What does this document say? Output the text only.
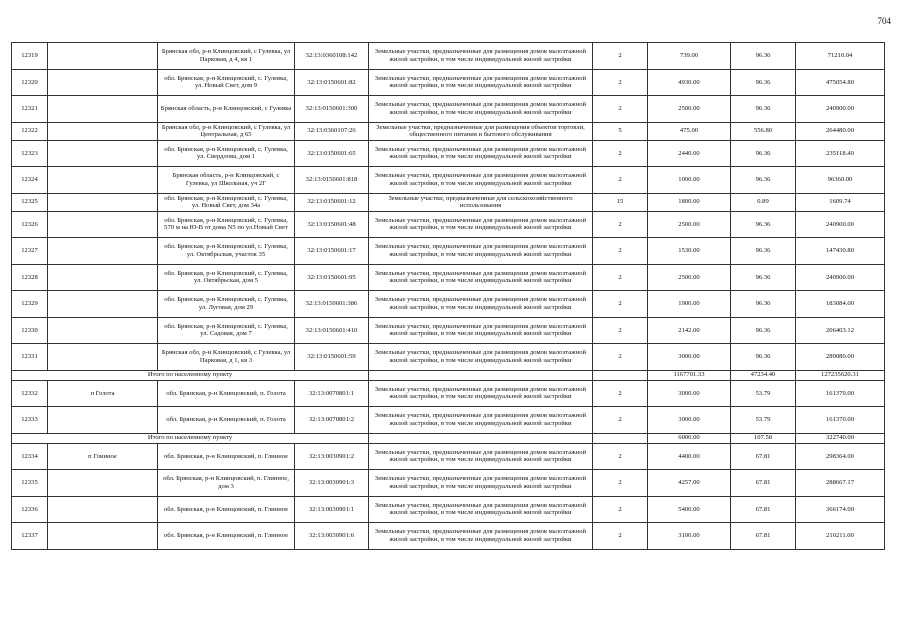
704
12319		Брянская обл, р-н Клинцовский, с Гулевка, ул Парковая, д 4, кв 1	32:13:0360108:142	Земельные участки, предназначенные для размещения домов малоэтажной жилой застройки, в том числе индивидуальной жилой застройки	2	739.00	96.36	71210.04
12320		обл. Брянская, р-н Клинцовский, с. Гулевка, ул. Новый Свет, дом 9	32:13:0150601:82	Земельные участки, предназначенные для размещения домов малоэтажной жилой застройки, в том числе индивидуальной жилой застройки	2	4930.00	96.36	475054.80
12321		Брянская область, р-н Клинцовский, с Гулевка	32:13:0150601:300	Земельные участки, предназначенные для размещения домов малоэтажной жилой застройки, в том числе индивидуальной жилой застройки	2	2500.00	96.36	240900.00
12322		Брянская обл, р-н Клинцовский, с Гулевка, ул Центральная, д 65	32:13:0360107:26	Земельные участки, предназначенные для размещения объектов торговли, общественного питания и бытового обслуживания	5	475.00	556.80	264480.00
12323		обл. Брянская, р-н Клинцовский, с. Гулевка, ул. Свердлова, дом 1	32:13:0150601:65	Земельные участки, предназначенные для размещения домов малоэтажной жилой застройки, в том числе индивидуальной жилой застройки	2	2440.00	96.36	235118.40
12324		Брянская область, р-н Клинцовский, с Гулевка, ул Школьная, уч 2Г	32:13:0150601:818	Земельные участки, предназначенные для размещения домов малоэтажной жилой застройки, в том числе индивидуальной жилой застройки	2	1000.00	96.36	96360.00
12325		обл. Брянская, р-н Клинцовский, с. Гулевка, ул. Новый Свет, дом 34а	32:13:0150601:12	Земельные участки, предназначенные для сельскохозяйственного использования	15	1800.00	0.89	1609.74
12326		обл. Брянская, р-н Клинцовский, с. Гулевка, 570 м на Ю-В от дома N5 по ул.Новый Свет	32:13:0150601:48	Земельные участки, предназначенные для размещения домов малоэтажной жилой застройки, в том числе индивидуальной жилой застройки	2	2500.00	96.36	240900.00
12327		обл. Брянская, р-н Клинцовский, с. Гулевка, ул. Октябрьская, участок 35	32:13:0150601:17	Земельные участки, предназначенные для размещения домов малоэтажной жилой застройки, в том числе индивидуальной жилой застройки	2	1530.00	96.36	147430.80
12328		обл. Брянская, р-н Клинцовский, с. Гулевка, ул. Октябрьская, дом 5	32:13:0150601:95	Земельные участки, предназначенные для размещения домов малоэтажной жилой застройки, в том числе индивидуальной жилой застройки	2	2500.00	96.36	240900.00
12329		обл. Брянская, р-н Клинцовский, с. Гулевка, ул. Луговая, дом 29	32:13:0150601:386	Земельные участки, предназначенные для размещения домов малоэтажной жилой застройки, в том числе индивидуальной жилой застройки	2	1900.00	96.36	183084.00
12330		обл. Брянская, р-н Клинцовский, с. Гулевка, ул. Садовая, дом 7	32:13:0150601:410	Земельные участки, предназначенные для размещения домов малоэтажной жилой застройки, в том числе индивидуальной жилой застройки	2	2142.00	96.36	206403.12
12331		Брянская обл, р-н Клинцовский, с Гулевка, ул Парковая, д 1, кв 3	32:13:0150601:59	Земельные участки, предназначенные для размещения домов малоэтажной жилой застройки, в том числе индивидуальной жилой застройки	2	3000.00	96.36	289080.00
Итого по населенному пункту						1167701.33	47234.40	127235620.31
12332	п Голота	обл. Брянская, р-н Клинцовский, п. Голота	32:13:0070801:1	Земельные участки, предназначенные для размещения домов малоэтажной жилой застройки, в том числе индивидуальной жилой застройки	2	3000.00	53.79	161370.00
12333		обл. Брянская, р-н Клинцовский, п. Голота	32:13:0070801:2	Земельные участки, предназначенные для размещения домов малоэтажной жилой застройки, в том числе индивидуальной жилой застройки	2	3000.00	53.79	161370.00
Итого по населенному пункту						6000.00	107.58	322740.00
12334	п Глинное	обл. Брянская, р-н Клинцовский, п. Глинное	32:13:0030901:2	Земельные участки, предназначенные для размещения домов малоэтажной жилой застройки, в том числе индивидуальной жилой застройки	2	4400.00	67.81	298364.00
12335		обл. Брянская, р-н Клинцовский, п. Глинное, дом 3	32:13:0030901:3	Земельные участки, предназначенные для размещения домов малоэтажной жилой застройки, в том числе индивидуальной жилой застройки	2	4257.00	67.81	288667.17
12336		обл. Брянская, р-н Клинцовский, п. Глинное	32:13:0030901:1	Земельные участки, предназначенные для размещения домов малоэтажной жилой застройки, в том числе индивидуальной жилой застройки	2	5400.00	67.81	366174.00
12337		обл. Брянская, р-н Клинцовский, п. Глинное	32:13:0030901:6	Земельные участки, предназначенные для размещения домов малоэтажной жилой застройки, в том числе индивидуальной жилой застройки	2	3100.00	67.81	210211.00
